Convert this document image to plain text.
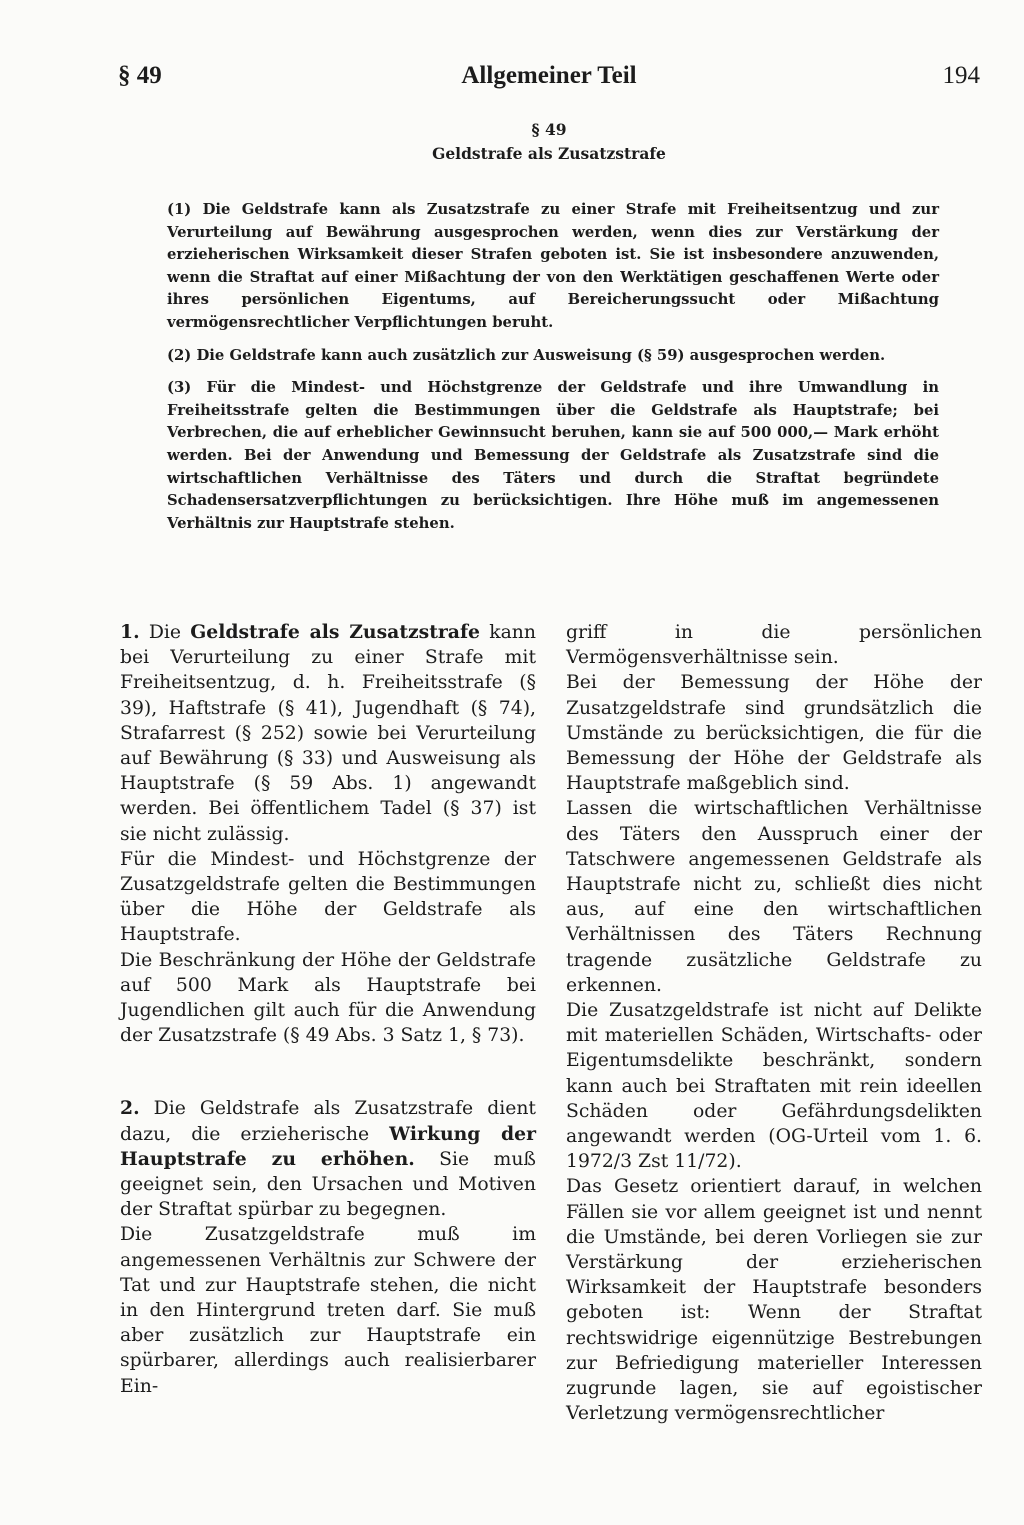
§ 49	Allgemeiner Teil	194
§ 49
Geldstrafe als Zusatzstrafe

(1) Die Geldstrafe kann als Zusatzstrafe zu einer Strafe mit Freiheitsentzug und zur Verurteilung auf Bewährung ausgesprochen werden, wenn dies zur Verstärkung der erzieherischen Wirksamkeit dieser Strafen geboten ist. Sie ist insbesondere anzuwenden, wenn die Straftat auf einer Mißachtung der von den Werktätigen geschaffenen Werte oder ihres persönlichen Eigentums, auf Bereicherungssucht oder Mißachtung vermögensrechtlicher Verpflichtungen beruht.

(2) Die Geldstrafe kann auch zusätzlich zur Ausweisung (§ 59) ausgesprochen werden.

(3) Für die Mindest- und Höchstgrenze der Geldstrafe und ihre Umwandlung in Freiheitsstrafe gelten die Bestimmungen über die Geldstrafe als Hauptstrafe; bei Verbrechen, die auf erheblicher Gewinnsucht beruhen, kann sie auf 500 000,— Mark erhöht werden. Bei der Anwendung und Bemessung der Geldstrafe als Zusatzstrafe sind die wirtschaftlichen Verhältnisse des Täters und durch die Straftat begründete Schadensersatzverpflichtungen zu berücksichtigen. Ihre Höhe muß im angemessenen Verhältnis zur Hauptstrafe stehen.

1. Die Geldstrafe als Zusatzstrafe kann bei Verurteilung zu einer Strafe mit Freiheitsentzug, d. h. Freiheitsstrafe (§ 39), Haftstrafe (§ 41), Jugendhaft (§ 74), Strafarrest (§ 252) sowie bei Verurteilung auf Bewährung (§ 33) und Ausweisung als Hauptstrafe (§ 59 Abs. 1) angewandt werden. Bei öffentlichem Tadel (§ 37) ist sie nicht zulässig.

Für die Mindest- und Höchstgrenze der Zusatzgeldstrafe gelten die Bestimmungen über die Höhe der Geldstrafe als Hauptstrafe.

Die Beschränkung der Höhe der Geldstrafe auf 500 Mark als Hauptstrafe bei Jugendlichen gilt auch für die Anwendung der Zusatzstrafe (§ 49 Abs. 3 Satz 1, § 73).

2. Die Geldstrafe als Zusatzstrafe dient dazu, die erzieherische Wirkung der Hauptstrafe zu erhöhen. Sie muß geeignet sein, den Ursachen und Motiven der Straftat spürbar zu begegnen.

Die Zusatzgeldstrafe muß im angemessenen Verhältnis zur Schwere der Tat und zur Hauptstrafe stehen, die nicht in den Hintergrund treten darf. Sie muß aber zusätzlich zur Hauptstrafe ein spürbarer, allerdings auch realisierbarer Ein-

griff in die persönlichen Vermögensverhältnisse sein.

Bei der Bemessung der Höhe der Zusatzgeldstrafe sind grundsätzlich die Umstände zu berücksichtigen, die für die Bemessung der Höhe der Geldstrafe als Hauptstrafe maßgeblich sind.

Lassen die wirtschaftlichen Verhältnisse des Täters den Ausspruch einer der Tatschwere angemessenen Geldstrafe als Hauptstrafe nicht zu, schließt dies nicht aus, auf eine den wirtschaftlichen Verhältnissen des Täters Rechnung tragende zusätzliche Geldstrafe zu erkennen.

Die Zusatzgeldstrafe ist nicht auf Delikte mit materiellen Schäden, Wirtschafts- oder Eigentumsdelikte beschränkt, sondern kann auch bei Straftaten mit rein ideellen Schäden oder Gefährdungsdelikten angewandt werden (OG-Urteil vom 1. 6. 1972/3 Zst 11/72).

Das Gesetz orientiert darauf, in welchen Fällen sie vor allem geeignet ist und nennt die Umstände, bei deren Vorliegen sie zur Verstärkung der erzieherischen Wirksamkeit der Hauptstrafe besonders geboten ist: Wenn der Straftat rechtswidrige eigennützige Bestrebungen zur Befriedigung materieller Interessen zugrunde lagen, sie auf egoistischer Verletzung vermögensrechtlicher
